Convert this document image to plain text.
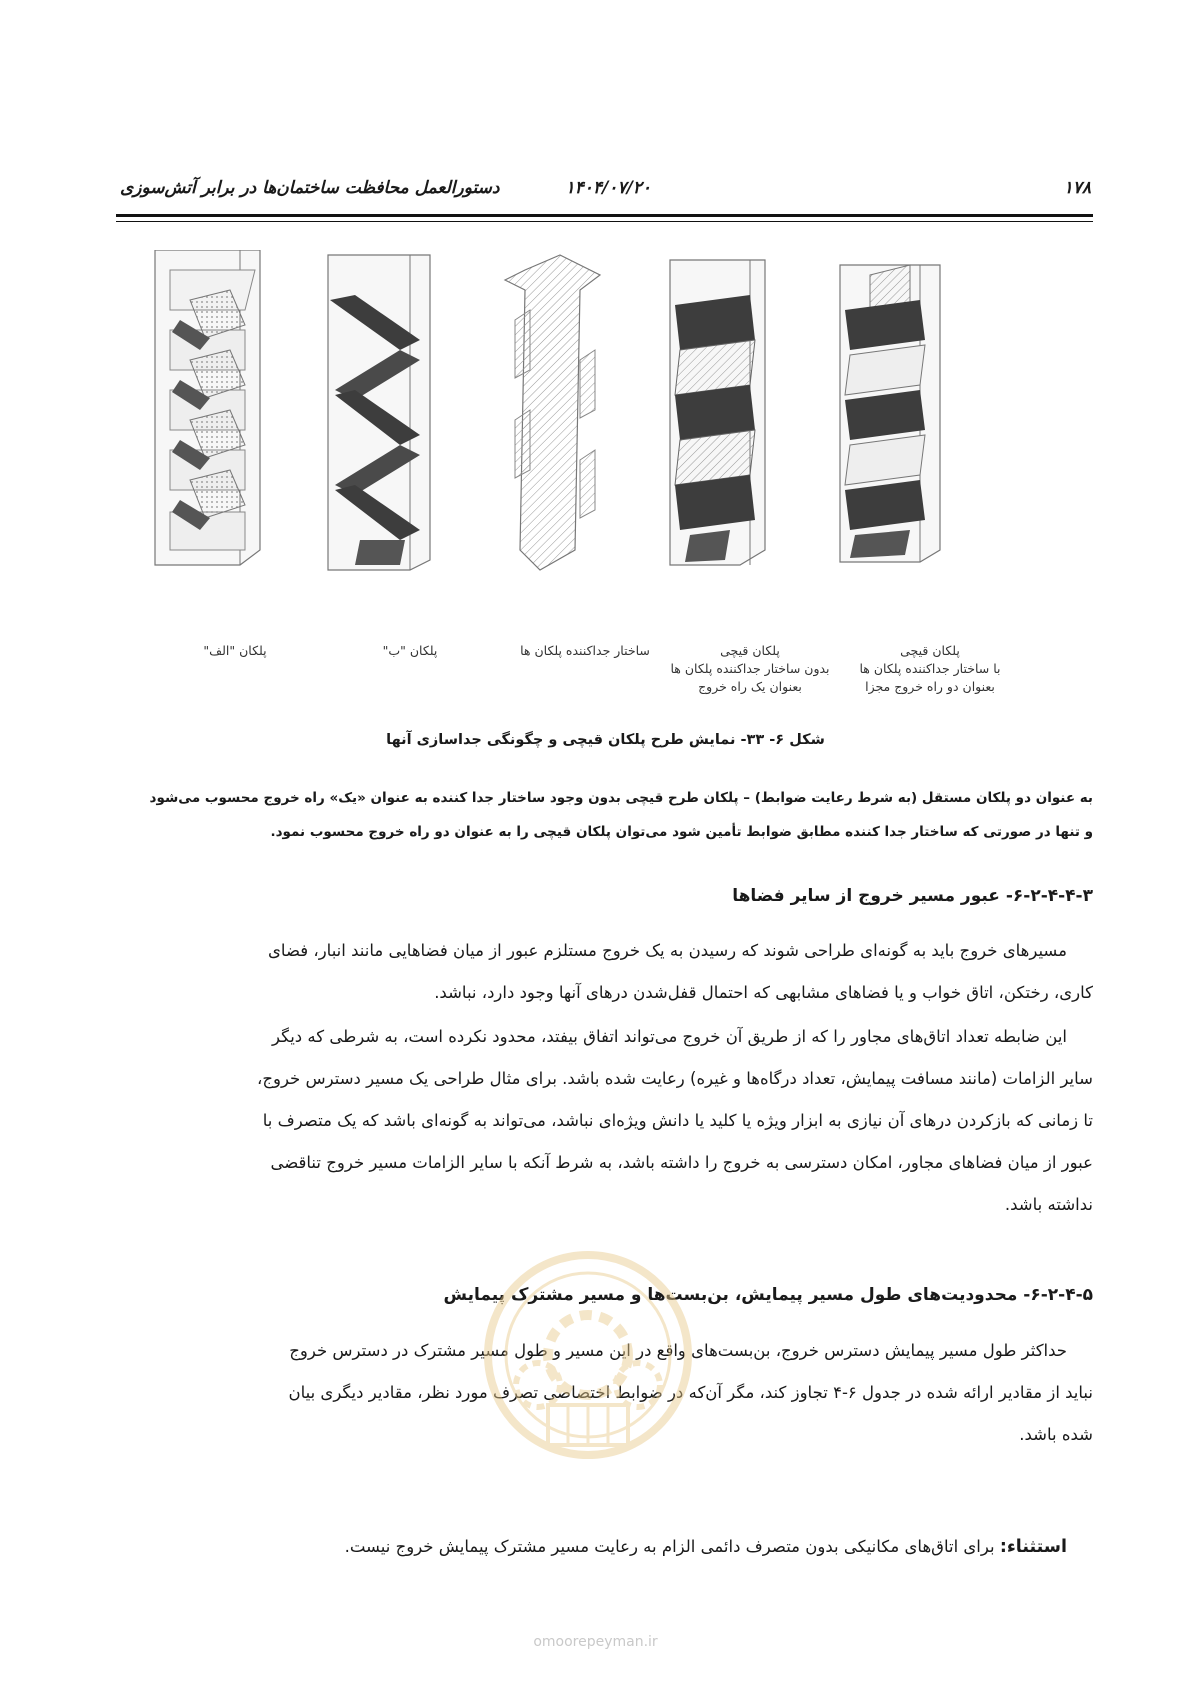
۱۷۸
۱۴۰۴/۰۷/۲۰
دستورالعمل محافظت ساختمان‌ها در برابر آتش‌سوزی
پلکان قیچی
با ساختار جداکننده پلکان ها
بعنوان دو راه خروج مجزا
پلکان قیچی
بدون ساختار جداکننده پلکان ها
بعنوان یک راه خروج
ساختار جداکننده پلکان ها
پلکان "ب"
پلکان "الف"
شکل ۶- ۳۳- نمایش طرح پلکان قیچی و چگونگی جداسازی آنها
به عنوان دو پلکان مستقل (به شرط رعایت ضوابط) – پلکان طرح قیچی بدون وجود ساختار جدا کننده به عنوان «یک» راه خروج محسوب می‌شود
و تنها در صورتی که ساختار جدا کننده مطابق ضوابط تأمین شود می‌توان پلکان قیچی را به عنوان دو راه خروج محسوب نمود.
۶-۲-۴-۴-۳- عبور مسیر خروج از سایر فضاها
مسیرهای خروج باید به گونه‌ای طراحی شوند که رسیدن به یک خروج مستلزم عبور از میان فضاهایی مانند انبار، فضای
کاری، رختکن، اتاق خواب و یا فضاهای مشابهی که احتمال قفل‌شدن درهای آنها وجود دارد، نباشد.
این ضابطه تعداد اتاق‌های مجاور را که از طریق آن خروج می‌تواند اتفاق بیفتد، محدود نکرده است، به شرطی که دیگر
سایر الزامات (مانند مسافت پیمایش، تعداد درگاه‌ها و غیره) رعایت شده باشد. برای مثال طراحی یک مسیر دسترس خروج،
تا زمانی که بازکردن درهای آن نیازی به ابزار ویژه یا کلید یا دانش ویژه‌ای نباشد، می‌تواند به گونه‌ای باشد که یک متصرف با
عبور از میان فضاهای مجاور، امکان دسترسی به خروج را داشته باشد، به شرط آنکه با سایر الزامات مسیر خروج تناقضی
نداشته باشد.
۶-۲-۴-۵- محدودیت‌های طول مسیر پیمایش، بن‌بست‌ها و مسیر مشترک پیمایش
حداکثر طول مسیر پیمایش دسترس خروج، بن‌بست‌های واقع در این مسیر و طول مسیر مشترک در دسترس خروج
نباید از مقادیر ارائه شده در جدول ۶-۴ تجاوز کند، مگر آن‌که در ضوابط اختصاصی تصرف مورد نظر، مقادیر دیگری بیان
شده باشد.
استثناء: برای اتاق‌های مکانیکی بدون متصرف دائمی الزام به رعایت مسیر مشترک پیمایش خروج نیست.
omoorepeyman.ir
